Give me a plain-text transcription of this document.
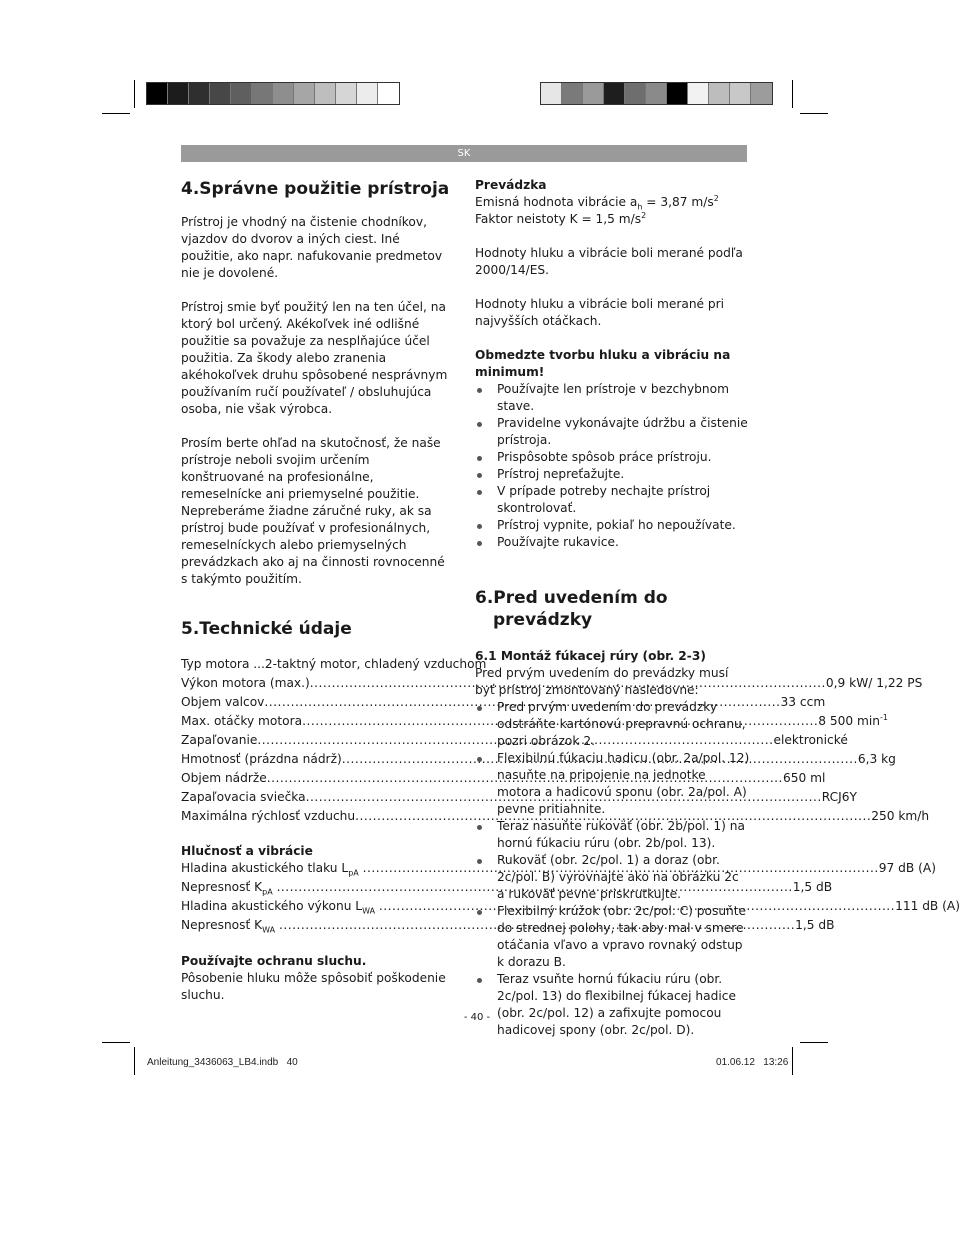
SK
4.Správne použitie prístroja

Prístroj je vhodný na čistenie chodníkov, vjazdov do dvorov a iných ciest. Iné použitie, ako napr. nafukovanie predmetov nie je dovolené.

Prístroj smie byť použitý len na ten účel, na ktorý bol určený. Akékoľvek iné odlišné použitie sa považuje za nesplňajúce účel použitia. Za škody alebo zranenia akéhokoľvek druhu spôsobené nesprávnym používaním ručí používateľ / obsluhujúca osoba, nie však výrobca.

Prosím berte ohľad na skutočnosť, že naše prístroje neboli svojim určením konštruované na profesionálne, remeselnícke ani priemyselné použitie. Nepreberáme žiadne záručné ruky, ak sa prístroj bude používať v profesionálnych, remeselníckych alebo priemyselných prevádzkach ako aj na činnosti rovnocenné s takýmto použitím.

5.Technické údaje
Typ motora ...2-taktný motor, chladený vzduchom
Výkon motora (max.) .....	0,9 kW/ 1,22 PS
Objem valcov .....	33 ccm
Max. otáčky motora .....	8 500 $\min^{-1}$
Zapaľovanie .....	elektronické
Hmotnosť (prázdna nádrž) .....	6,3 kg
Objem nádrže .....	650 ml
Zapaľovacia sviečka .....	RCJ6Y
Maximálna rýchlosť vzduchu .....	250 km/h

Hlučnosť a vibrácie

Hladina akustického tlaku $L_{pA}$ .....	97 dB (A)
Nepresnosť $K_{pA}$ .....	1,5 dB
Hladina akustického výkonu $L_{WA}$ .....	111 dB (A)
Nepresnosť $K_{WA}$ .....	1,5 dB

Používajte ochranu sluchu.

Pôsobenie hluku môže spôsobiť poškodenie sluchu.

Prevádzka

Emisná hodnota vibrácie $a_h = 3,87$ $m/s^2$

Faktor neistoty K = 1,5 $m/s^2$

Hodnoty hluku a vibrácie boli merané podľa 2000/14/ES.

Hodnoty hluku a vibrácie boli merané pri najvyšších otáčkach.

Obmedzte tvorbu hluku a vibráciu na minimum!

Používajte len prístroje v bezchybnom stave.
Pravidelne vykonávajte údržbu a čistenie prístroja.
Prispôsobte spôsob práce prístroju.
Prístroj nepreťažujte.
V prípade potreby nechajte prístroj skontrolovať.
Prístroj vypnite, pokiaľ ho nepoužívate.
Používajte rukavice.
6.Pred uvedením do prevádzky

6.1 Montáž fúkacej rúry (obr. 2-3)

Pred prvým uvedením do prevádzky musí byť prístroj zmontovaný nasledovne:

Pred prvým uvedením do prevádzky odstráňte kartónovú prepravnú ochranu, pozri obrázok 2.
Flexibilnú fúkaciu hadicu (obr. 2a/pol. 12) nasuňte na pripojenie na jednotke motora a hadicovú sponu (obr. 2a/pol. A) pevne pritiahnite.
Teraz nasuňte rukoväť (obr. 2b/pol. 1) na hornú fúkaciu rúru (obr. 2b/pol. 13).
Rukoväť (obr. 2c/pol. 1) a doraz (obr. 2c/pol. B) vyrovnajte ako na obrázku 2c a rukoväť pevne priskrutkujte.
Flexibilný krúžok (obr. 2c/pol. C) posuňte do strednej polohy, tak aby mal v smere otáčania vľavo a vpravo rovnaký odstup k dorazu B.
Teraz vsuňte hornú fúkaciu rúru (obr. 2c/pol. 13) do flexibilnej fúkacej hadice (obr. 2c/pol. 12) a zafixujte pomocou hadicovej spony (obr. 2c/pol. D).
- 40 -
Anleitung_3436063_LB4.indb   40	01.06.12   13:26
